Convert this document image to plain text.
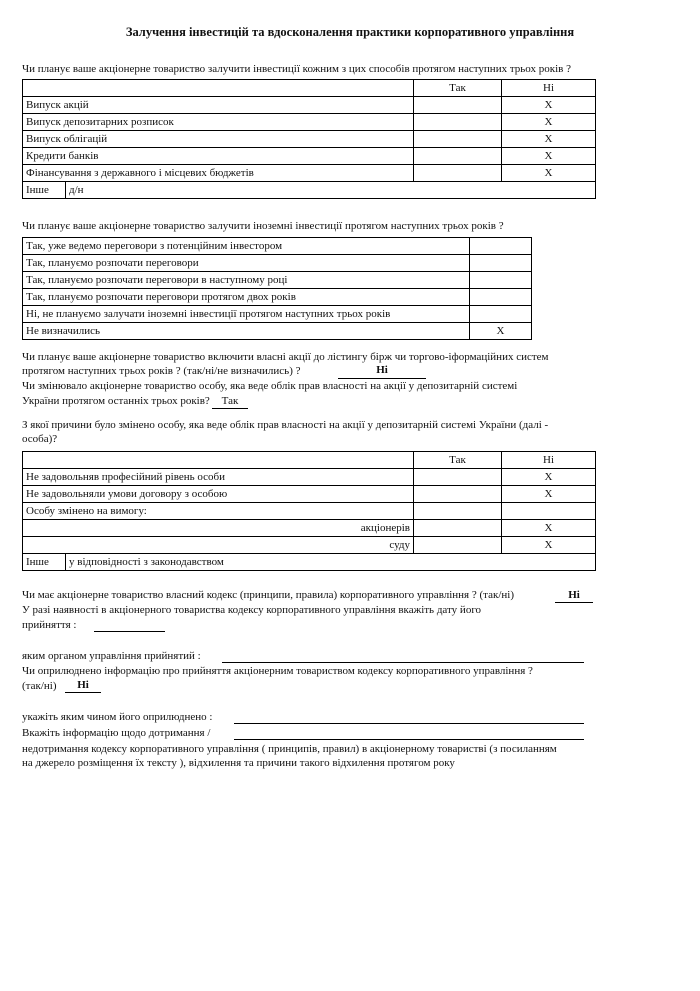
Залучення інвестицій та вдосконалення практики корпоративного управління
Чи планує ваше акціонерне товариство залучити інвестиції кожним з цих способів протягом наступних трьох років ?
		Так	Ні
Випуск акцій			X
Випуск депозитарних розписок			X
Випуск облігацій			X
Кредити банків			X
Фінансування з державного і місцевих бюджетів			X
Інше	д/н		
Чи планує ваше акціонерне товариство залучити іноземні інвестиції протягом наступних трьох років ?
Так, уже ведемо переговори з потенційним інвестором	
Так, плануємо розпочати переговори	
Так, плануємо розпочати переговори в наступному році	
Так, плануємо розпочати переговори протягом двох років	
Ні, не плануємо залучати іноземні інвестиції протягом наступних трьох років	
Не визначились	X
Чи планує ваше акціонерне товариство включити власні акції до лістингу бірж чи торгово-іформаційних систем
протягом наступних трьох років ? (так/ні/не визначились) ?	Ні
Чи змінювало акціонерне товариство особу, яка веде облік прав власності на акції у депозитарній системі
України протягом останніх трьох років?	Так
З якої причини було змінено особу, яка веде облік прав власності на акції у депозитарній системі України (далі -
особа)?
		Так	Ні
Не задовольняв професійний рівень особи			X
Не задовольняли умови договору з особою			X
Особу змінено на вимогу:			
акціонерів			X
суду			X
Інше	у відповідності з законодавством		
Чи має акціонерне товариство власний кодекс (принципи, правила) корпоративного управління ? (так/ні)	Ні
У разі наявності в акціонерного товариства кодексу корпоративного управління вкажіть дату його
прийняття :
яким органом управління прийнятий :
Чи оприлюднено інформацію про прийняття акціонерним товариством кодексу корпоративного управління ?
(так/ні)	Ні
укажіть яким чином його оприлюднено :
Вкажіть інформацію щодо дотримання /
недотримання кодексу корпоративного управління ( принципів, правил) в акціонерному товаристві (з посиланням
на джерело розміщення їх тексту ), відхилення та причини такого відхилення протягом року
